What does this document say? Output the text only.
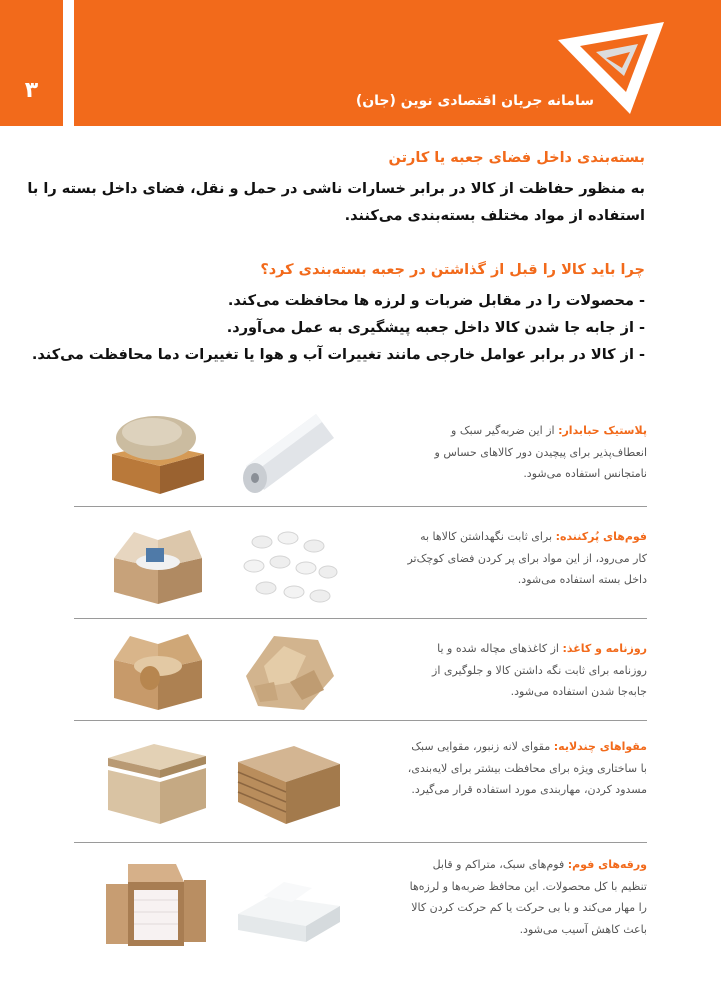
۳	سامانه جریان اقتصادی نوین (جان)
بسته‌بندی داخل فضای جعبه یا کارتن
به منظور حفاظت از کالا در برابر خسارات ناشی در حمل و نقل، فضای داخل بسته را با استفاده از مواد مختلف بسته‌بندی می‌کنند.
چرا باید کالا را قبل از گذاشتن در جعبه بسته‌بندی کرد؟
- محصولات را در مقابل ضربات و لرزه ها محافظت می‌کند.
- از جابه جا شدن کالا داخل جعبه پیشگیری به عمل می‌آورد.
- از کالا در برابر عوامل خارجی مانند تغییرات آب و هوا یا تغییرات دما محافظت می‌کند.
پلاستیک حبابدار: از این ضربه‌گیر سبک و انعطاف‌پذیر برای پیچیدن دور کالاهای حساس و نامتجانس استفاده می‌شود.
فوم‌های پُرکننده: برای ثابت نگهداشتن کالاها به کار می‌رود، از این مواد برای پر کردن فضای کوچک‌تر داخل بسته استفاده می‌شود.
روزنامه و کاغذ: از کاغذهای مچاله شده و یا روزنامه برای ثابت نگه داشتن کالا و جلوگیری از جابه‌جا شدن استفاده می‌شود.
مقواهای چندلایه: مقوای لانه زنبور، مقوایی سبک با ساختاری ویژه برای محافظت بیشتر برای لایه‌بندی، مسدود کردن، مهاربندی مورد استفاده قرار می‌گیرد.
ورقه‌های فوم: فوم‌های سبک، متراکم و قابل تنظیم با کل محصولات. این محافظ ضربه‌ها و لرزه‌ها را مهار می‌کند و با بی حرکت یا کم حرکت کردن کالا باعث کاهش آسیب می‌شود.
